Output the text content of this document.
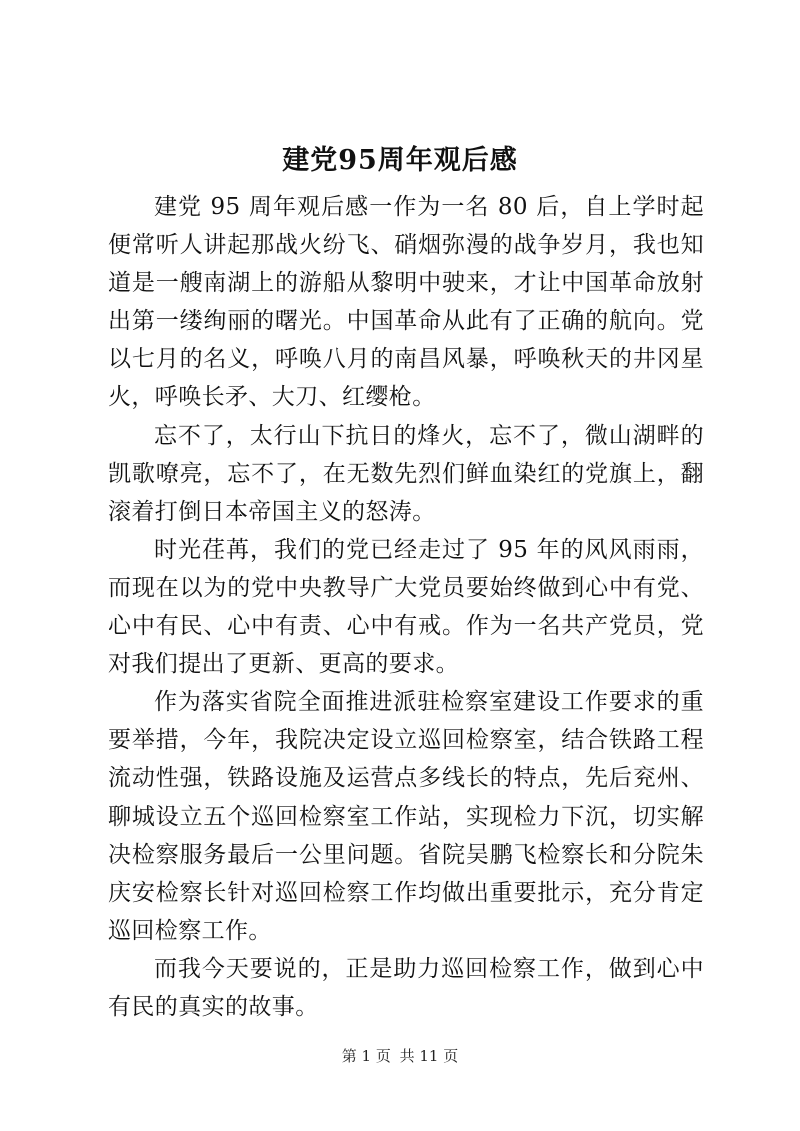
建党95周年观后感

建党 95 周年观后感一作为一名 80 后，自上学时起便常听人讲起那战火纷飞、硝烟弥漫的战争岁月，我也知道是一艘南湖上的游船从黎明中驶来，才让中国革命放射出第一缕绚丽的曙光。中国革命从此有了正确的航向。党以七月的名义，呼唤八月的南昌风暴，呼唤秋天的井冈星火，呼唤长矛、大刀、红缨枪。

忘不了，太行山下抗日的烽火，忘不了，微山湖畔的凯歌嘹亮，忘不了，在无数先烈们鲜血染红的党旗上，翻滚着打倒日本帝国主义的怒涛。

时光荏苒，我们的党已经走过了 95 年的风风雨雨，而现在以为的党中央教导广大党员要始终做到心中有党、心中有民、心中有责、心中有戒。作为一名共产党员，党对我们提出了更新、更高的要求。

作为落实省院全面推进派驻检察室建设工作要求的重要举措，今年，我院决定设立巡回检察室，结合铁路工程流动性强，铁路设施及运营点多线长的特点，先后兖州、聊城设立五个巡回检察室工作站，实现检力下沉，切实解决检察服务最后一公里问题。省院吴鹏飞检察长和分院朱庆安检察长针对巡回检察工作均做出重要批示，充分肯定巡回检察工作。

而我今天要说的，正是助力巡回检察工作，做到心中有民的真实的故事。

第 1 页 共 11 页
